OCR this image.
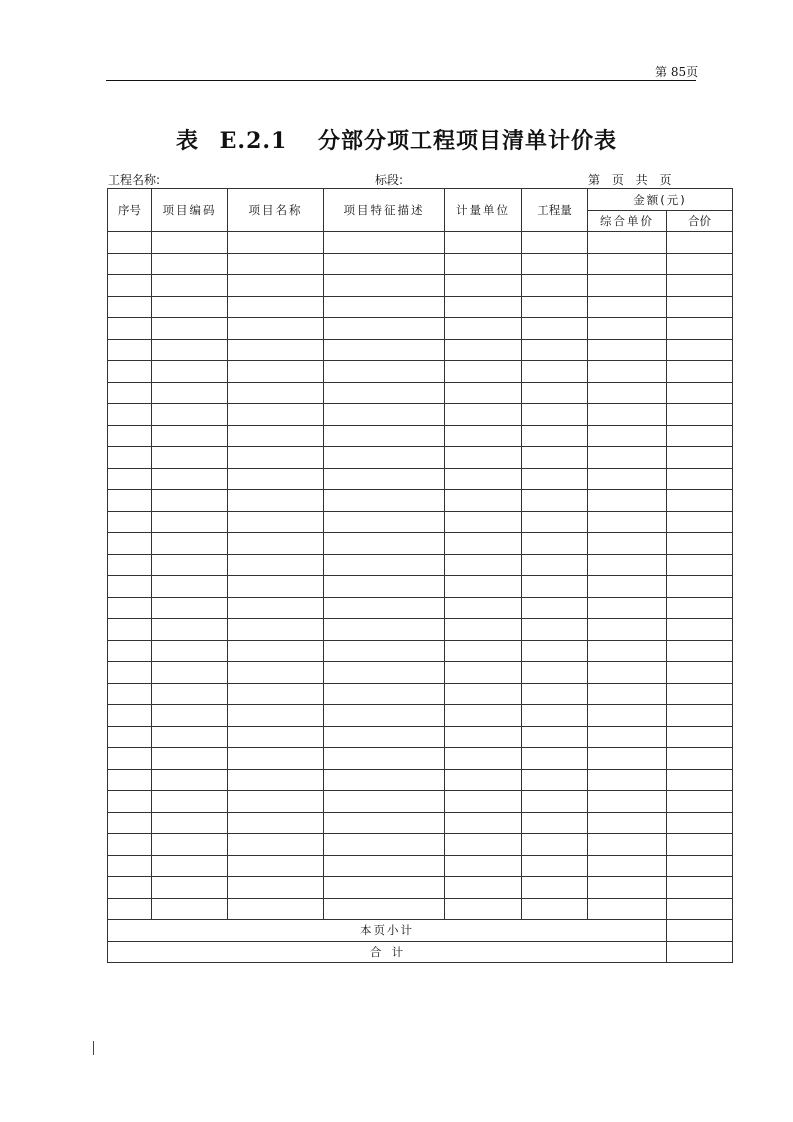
第 85页
表 E.2.1 分部分项工程项目清单计价表
工程名称:	标段:	第 页 共 页
序号	项目编码	项目名称	项目特征描述	计量单位	工程量	金额(元)	
						综合单价	合价

本页小计							
合  计							
